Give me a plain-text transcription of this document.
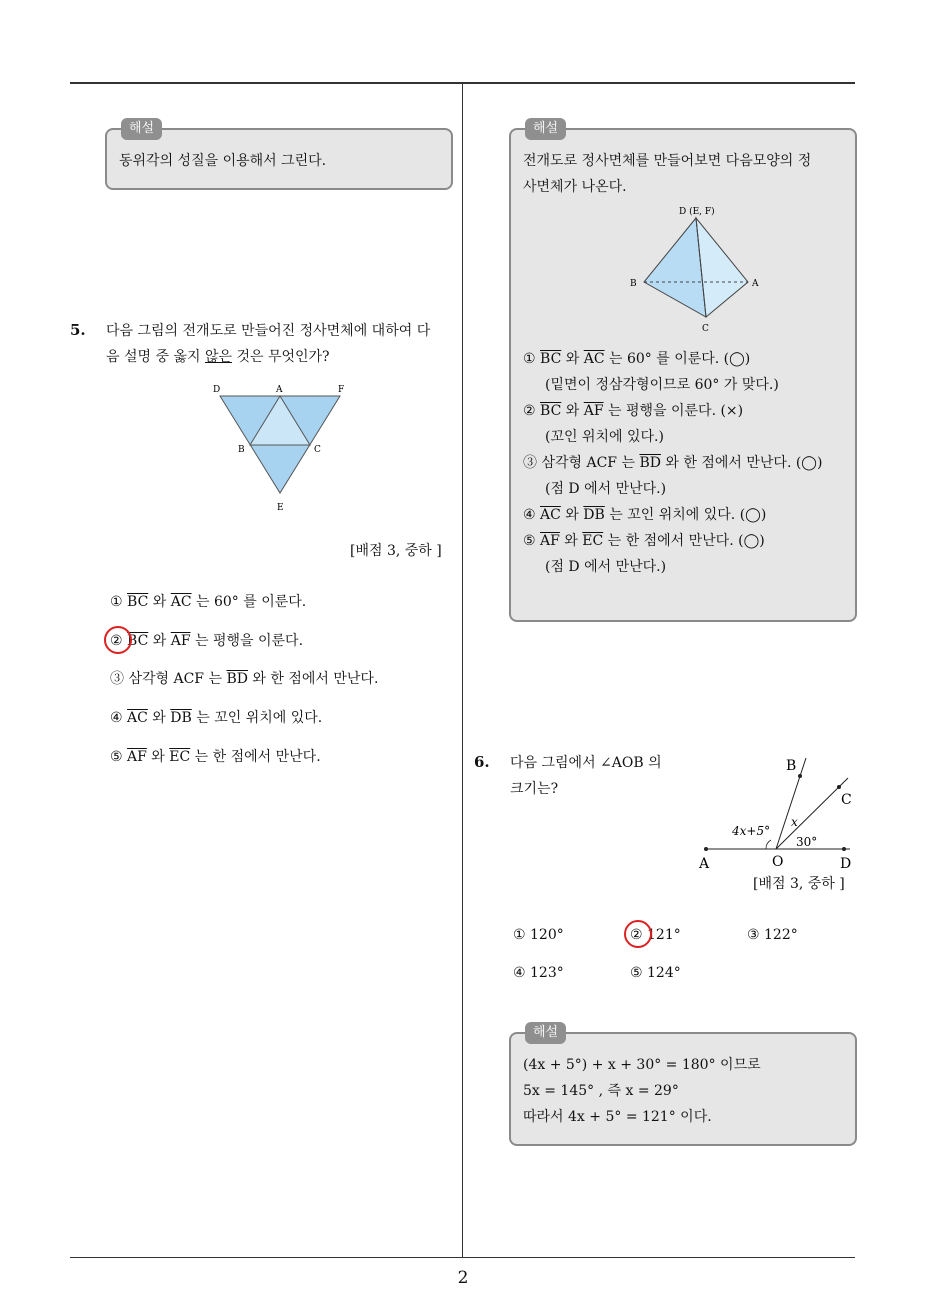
2
해설
동위각의 성질을 이용해서 그린다.
5. 다음 그림의 전개도로 만들어진 정사면체에 대하여 다
음 설명 중 옳지 않은 것은 무엇인가?
D	A	F
B	C
E
[배점 3, 중하 ]
① $\overline{BC}$ 와 $\overline{AC}$ 는 60° 를 이룬다.
② $\overline{BC}$ 와 $\overline{AF}$ 는 평행을 이룬다.
③ 삼각형 ACF 는 $\overline{BD}$ 와 한 점에서 만난다.
④ $\overline{AC}$ 와 $\overline{DB}$ 는 꼬인 위치에 있다.
⑤ $\overline{AF}$ 와 $\overline{EC}$ 는 한 점에서 만난다.
해설
전개도로 정사면체를 만들어보면 다음모양의 정
사면체가 나온다.
D (E, F)
B	A
C
① $\overline{BC}$ 와 $\overline{AC}$ 는 60° 를 이룬다. (◯)
(밑면이 정삼각형이므로 60° 가 맞다.)
② $\overline{BC}$ 와 $\overline{AF}$ 는 평행을 이룬다. (×)
(꼬인 위치에 있다.)
③ 삼각형 ACF 는 $\overline{BD}$ 와 한 점에서 만난다. (◯)
(점 D 에서 만난다.)
④ $\overline{AC}$ 와 $\overline{DB}$ 는 꼬인 위치에 있다. (◯)
⑤ $\overline{AF}$ 와 $\overline{EC}$ 는 한 점에서 만난다. (◯)
(점 D 에서 만난다.)
6. 다음 그림에서 ∠AOB 의
크기는?
B
C
A	O	D
4x+5°
x
30°
[배점 3, 중하 ]
① 120°	② 121°	③ 122°
④ 123°	⑤ 124°
해설
(4x + 5°) + x + 30° = 180° 이므로
5x = 145° , 즉 x = 29°
따라서 4x + 5° = 121° 이다.
